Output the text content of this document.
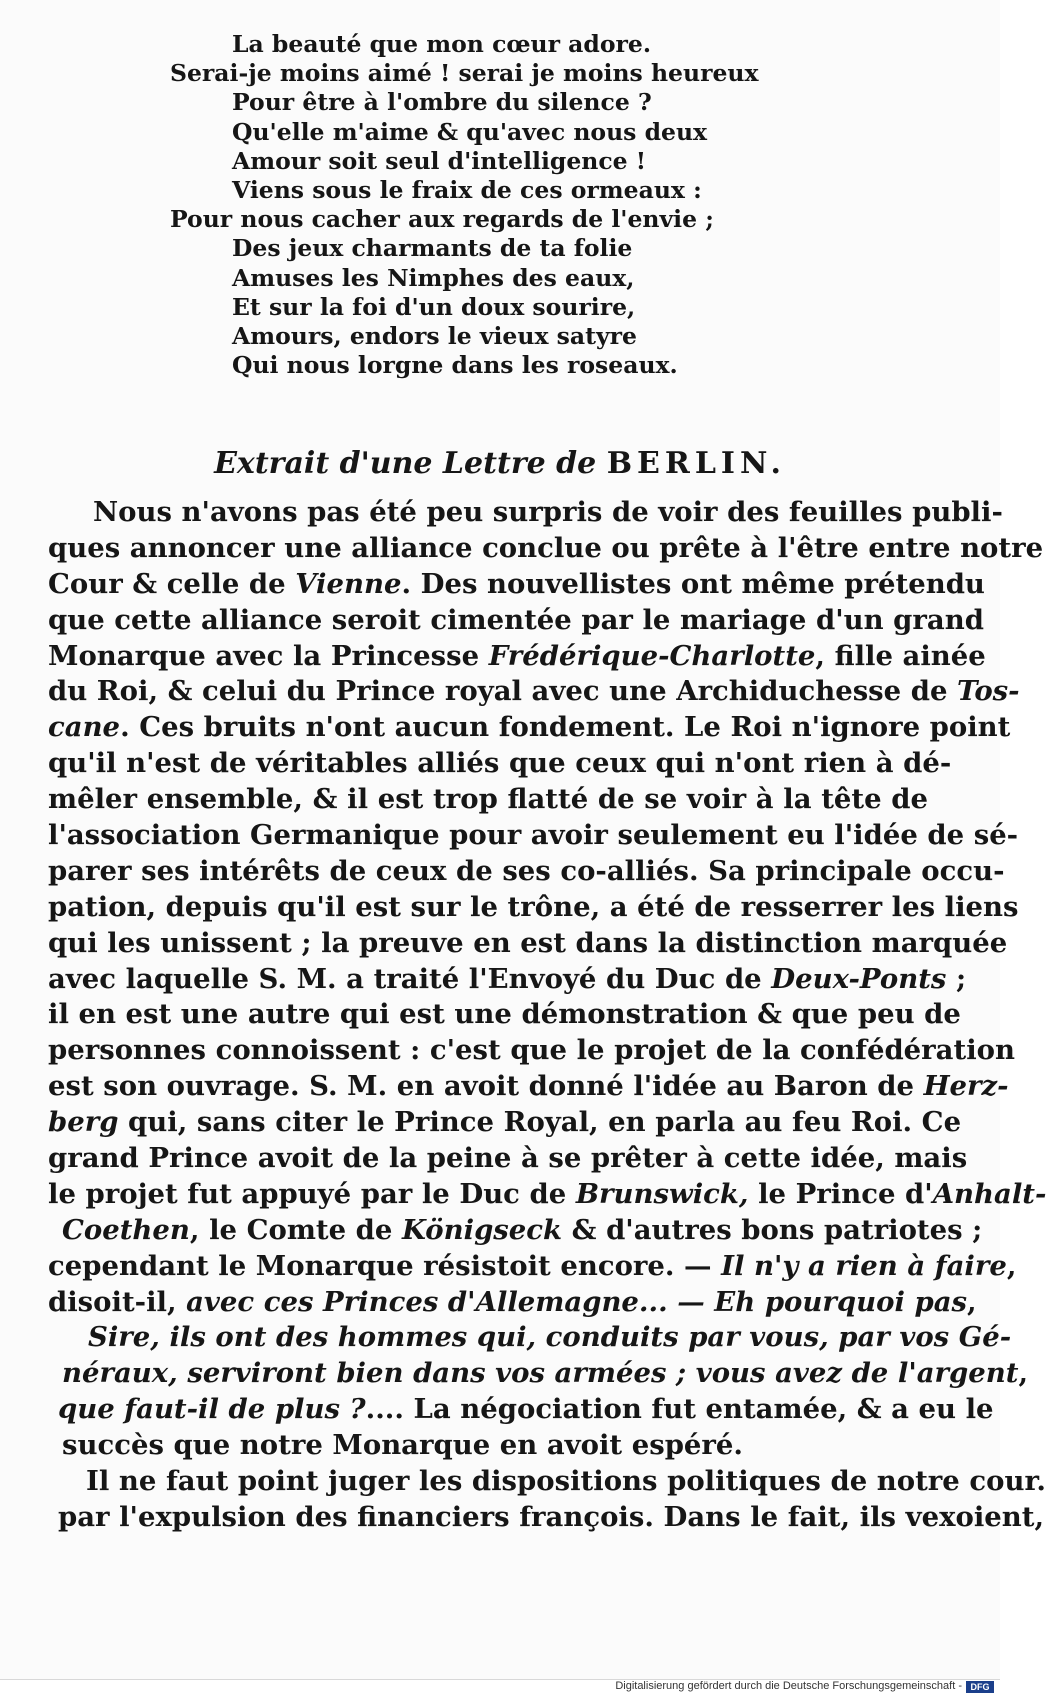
La beauté que mon cœur adore.
Serai-je moins aimé ! serai je moins heureux
Pour être à l'ombre du silence ?
Qu'elle m'aime & qu'avec nous deux
Amour soit seul d'intelligence !
Viens sous le fraix de ces ormeaux :
Pour nous cacher aux regards de l'envie ;
Des jeux charmants de ta folie
Amuses les Nimphes des eaux,
Et sur la foi d'un doux sourire,
Amours, endors le vieux satyre
Qui nous lorgne dans les roseaux.
Extrait d'une Lettre de BERLIN.
Nous n'avons pas été peu surpris de voir des feuilles publi-
ques annoncer une alliance conclue ou prête à l'être entre notre
Cour & celle de Vienne. Des nouvellistes ont même prétendu
que cette alliance seroit cimentée par le mariage d'un grand
Monarque avec la Princesse Frédérique-Charlotte, fille ainée
du Roi, & celui du Prince royal avec une Archiduchesse de Tos-
cane. Ces bruits n'ont aucun fondement. Le Roi n'ignore point
qu'il n'est de véritables alliés que ceux qui n'ont rien à dé-
mêler ensemble, & il est trop flatté de se voir à la tête de
l'association Germanique pour avoir seulement eu l'idée de sé-
parer ses intérêts de ceux de ses co-alliés. Sa principale occu-
pation, depuis qu'il est sur le trône, a été de resserrer les liens
qui les unissent ; la preuve en est dans la distinction marquée
avec laquelle S. M. a traité l'Envoyé du Duc de Deux-Ponts ;
il en est une autre qui est une démonstration & que peu de
personnes connoissent : c'est que le projet de la confédération
est son ouvrage. S. M. en avoit donné l'idée au Baron de Herz-
berg qui, sans citer le Prince Royal, en parla au feu Roi. Ce
grand Prince avoit de la peine à se prêter à cette idée, mais
le projet fut appuyé par le Duc de Brunswick, le Prince d'Anhalt-
Coethen, le Comte de Königseck & d'autres bons patriotes ;
cependant le Monarque résistoit encore. — Il n'y a rien à faire,
disoit-il, avec ces Princes d'Allemagne... — Eh pourquoi pas,
Sire, ils ont des hommes qui, conduits par vous, par vos Gé-
néraux, serviront bien dans vos armées ; vous avez de l'argent,
que faut-il de plus ?.... La négociation fut entamée, & a eu le
succès que notre Monarque en avoit espéré.
Il ne faut point juger les dispositions politiques de notre cour.
par l'expulsion des financiers françois. Dans le fait, ils vexoient,
Digitalisierung gefördert durch die Deutsche Forschungsgemeinschaft - DFG
